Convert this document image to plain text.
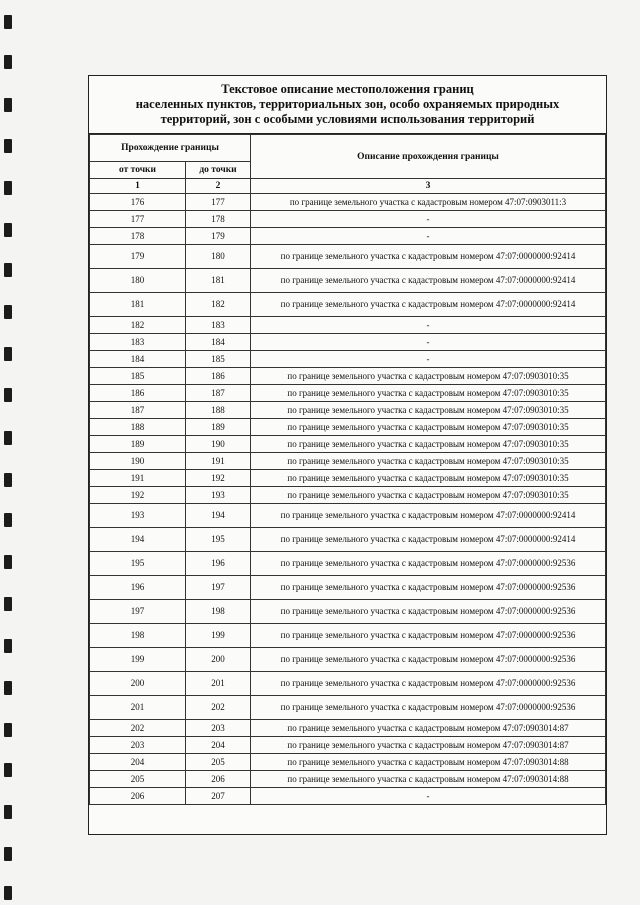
Текстовое описание местоположения границ
населенных пунктов, территориальных зон, особо охраняемых природных
территорий, зон с особыми условиями использования территорий
Прохождение границы		Описание прохождения границы
от точки	до точки	
1	2	3
176	177	по границе земельного участка с кадастровым номером 47:07:0903011:3
177	178	-
178	179	-
179	180	по границе земельного участка с кадастровым номером 47:07:0000000:92414
180	181	по границе земельного участка с кадастровым номером 47:07:0000000:92414
181	182	по границе земельного участка с кадастровым номером 47:07:0000000:92414
182	183	-
183	184	-
184	185	-
185	186	по границе земельного участка с кадастровым номером 47:07:0903010:35
186	187	по границе земельного участка с кадастровым номером 47:07:0903010:35
187	188	по границе земельного участка с кадастровым номером 47:07:0903010:35
188	189	по границе земельного участка с кадастровым номером 47:07:0903010:35
189	190	по границе земельного участка с кадастровым номером 47:07:0903010:35
190	191	по границе земельного участка с кадастровым номером 47:07:0903010:35
191	192	по границе земельного участка с кадастровым номером 47:07:0903010:35
192	193	по границе земельного участка с кадастровым номером 47:07:0903010:35
193	194	по границе земельного участка с кадастровым номером 47:07:0000000:92414
194	195	по границе земельного участка с кадастровым номером 47:07:0000000:92414
195	196	по границе земельного участка с кадастровым номером 47:07:0000000:92536
196	197	по границе земельного участка с кадастровым номером 47:07:0000000:92536
197	198	по границе земельного участка с кадастровым номером 47:07:0000000:92536
198	199	по границе земельного участка с кадастровым номером 47:07:0000000:92536
199	200	по границе земельного участка с кадастровым номером 47:07:0000000:92536
200	201	по границе земельного участка с кадастровым номером 47:07:0000000:92536
201	202	по границе земельного участка с кадастровым номером 47:07:0000000:92536
202	203	по границе земельного участка с кадастровым номером 47:07:0903014:87
203	204	по границе земельного участка с кадастровым номером 47:07:0903014:87
204	205	по границе земельного участка с кадастровым номером 47:07:0903014:88
205	206	по границе земельного участка с кадастровым номером 47:07:0903014:88
206	207	-
